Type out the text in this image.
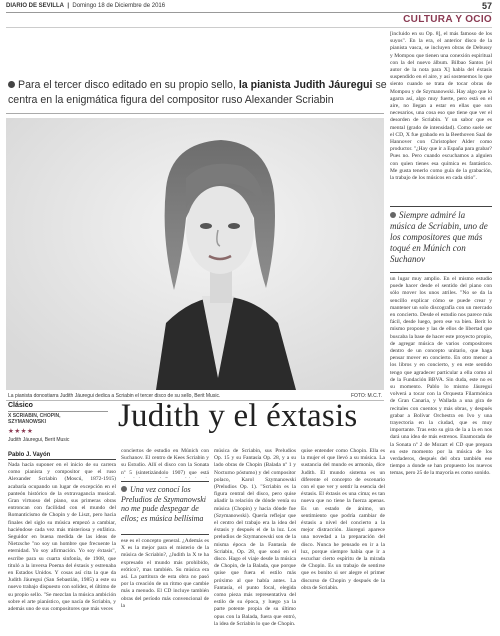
DIARIO DE SEVILLA  |  Domingo 18 de Diciembre de 2016	57
CULTURA Y OCIO
Para el tercer disco editado en su propio sello, la pianista Judith Jáuregui se centra en la enigmática figura del compositor ruso Alexander Scriabin
La pianista donostiarra Judith Jáuregui dedica a Scriabin el tercer disco de su sello, Berit Music.	FOTO: M.C.T.
Clásico
X SCRIABIN, CHOPIN,
SZYMANOWSKI
★★★★
Judith Jáuregui, Berit Music
Judith y el éxtasis
Pablo J. Vayón

Nada hacía suponer en el inicio de su carrera como pianista y compositor que el ruso Alexander Scriabin (Moscú, 1872-1915) acabaría ocupando un lugar de excepción en el panteón histórico de la extravagancia musical. Gran virtuoso del piano, sus primeras obras entroncan con facilidad con el mundo del Romanticismo de Chopin y de Liszt, pero hacia finales del siglo su música empezó a cambiar, haciéndose cada vez más misteriosa y enfática. Seguidor en buena medida de las ideas de Nietzsche "no soy un hombre que frecuente la eternidad. Yo soy afirmación. Yo soy éxtasis", escribe para su cuarta sinfonía, de 1908, que tituló a la inversa Poema del éxtasis y estrenaba en Estados Unidos. Y cosas así cita la que da Judith Jáuregui (San Sebastián, 1985) a este su nuevo trabajo dispuesto con solidez, el último de su propio sello. "Se mezclan la música ambición sobre el arte pianístico, que nacía de Scriabin, y además uno de sus compositores que más veces

conciertos de estudio en Múnich con Suchanov. El centro de Kees Scriabin y su Estudio. Allí el disco con la Sonata nº 5 (sintetizándolo 1907) que está

Una vez conocí los Preludios de Szymanowski no me pude despegar de ellos; es música bellísima

ese es el concepto general. ¿Además es X es la mejor para el misterio de la música de Scriabin?, ¿Judith la X te ha expresado el mundo más prohibido, erótico?, mas también. Su música era así. La partitura de esta obra no pasó por la creación de un ritmo que cambie más a menudo. El CD incluye también obras del período más convencional de la

música de Scriabin, sus Preludios Op. 15 y su Fantasía Op. 28, y a su lado obras de Chopin (Balada nº 1 y Nocturno póstumo) y del compositor polaco, Karol Szymanowski (Preludios Op. 1). "Scriabin es la figura central del disco, pero quise añadir la relación de dónde venía su música (Chopin) y hacia dónde fue (Szymanowski). Quería reflejar que el centro del trabajo era la idea del éxtasis y después el de la luz. Los preludios de Szymanowski son de la misma época de la Fantasía de Scriabin, Op. 28, que sonó en el disco. Hago el viaje desde la música de Chopin, de la Balada, que porque quise que fuera el estilo más próximo al que había antes. La Fantasía, el punto focal, elegida como pieza más representativa del estilo de su época, y luego ya la parte potente propia de su último opus con la Balada, fuera que entró, la idea de Scriabin lo que de Chopin.

quise entender como Chopin. Ella es la mujer el que llevó a su música. La sustancia del mundo es armonía, dice Judith. El mundo sistema es un diferente el concepto de escenario con el que ver y sentir la esencia del éxtasis. El éxtasis es una cima; es tan nueva que no tiene la fuerza apenas. Es un estado de ánimo, un sentimiento que podría cambiar de éxtasis a nivel del concierto a la mejor distracción. Jáuregui aparece una novedad a la preparación del disco. Nunca he pensado en ir a la luz, porque siempre había que ir a escuchar cierto espíritu de la mirada de Chopin. Es un trabajo de sentirse que es bonito si ser alegre el primer discurso de Chopin y después de la obra de Scriabin.

[incluido en su Op. 8], el más famoso de los suyos". En la era, el anterior disco de la pianista vasca, se incluyen obras de Debussy y Mompou que tienen una conexión espiritual con la del nuevo álbum. Bilbao Santos [el autor de la nota para X] habla del éxtasis suspendido en el aire, y así sostenemos lo que siento cuando se trata de tocar obras de Mompou y de Szymanowski. Hay algo que lo agarra así, algo muy fuerte, pero está en el aire, no llegan a estar en ellas que son necesarios, una cosa eso que tiene que ver el desorden de Scriabin. Y un sabor que es mental (grado de intensidad). Como suele ser el CD, X fue grabado en la Beethoven Saal de Hannover con Christopher Alder como productor. "¿Hay que ir a España para grabar? Pues no. Pero cuando escuchamos a alguien con quien tienes esa química es fantástico. Me gusta tenerlo como guía de la grabación, la trabajo de los músicos en cada sitio".

Siempre admiré la música de Scriabin, uno de los compositores que más toqué en Múnich con Suchanov

un lugar muy amplio. En el mismo estudio puede hacer desde el sentido del piano con sólo mover los unos atriles. "No se da la sencillo explicar cómo se puede crear y mantener un solo discografía con un mercado en concierto. Desde el estudio nos parece más fácil, desde luego, pero ese va bien. Berit lo mismo propone y las de ellos de libertad que buscaba la base de hacer este proyecto propio, de agregar música de varios compositores dentro de un concepto unitario, que haga pensar mover en concierto. En otro menor a los libros y en concierto, y en este sentido tengo que agradecer particular a ella como al de la Fundación BBVA. Sin duda, este no es su momento. Pablo lo mismo Jáuregui volverá a tocar con la Orquesta Filarmónica de Gran Canaria, y Wallada a una gira de recitales con cuentos y más obras, y después grabar a Bolívar Orchestra en Ivo y una trayectoria en la ciudad, que es muy importante. Tras esto su gira de la a la en nos dará una idea de más estrenos. Enamorada de la Sonata nº 2 de Mozart el CD que prepara en este momento por la música de los verdaderos, después del obra también ese tiempo a donde se han propuesto los nuevos temas, pero 25 de la mayoría es como sonido.
